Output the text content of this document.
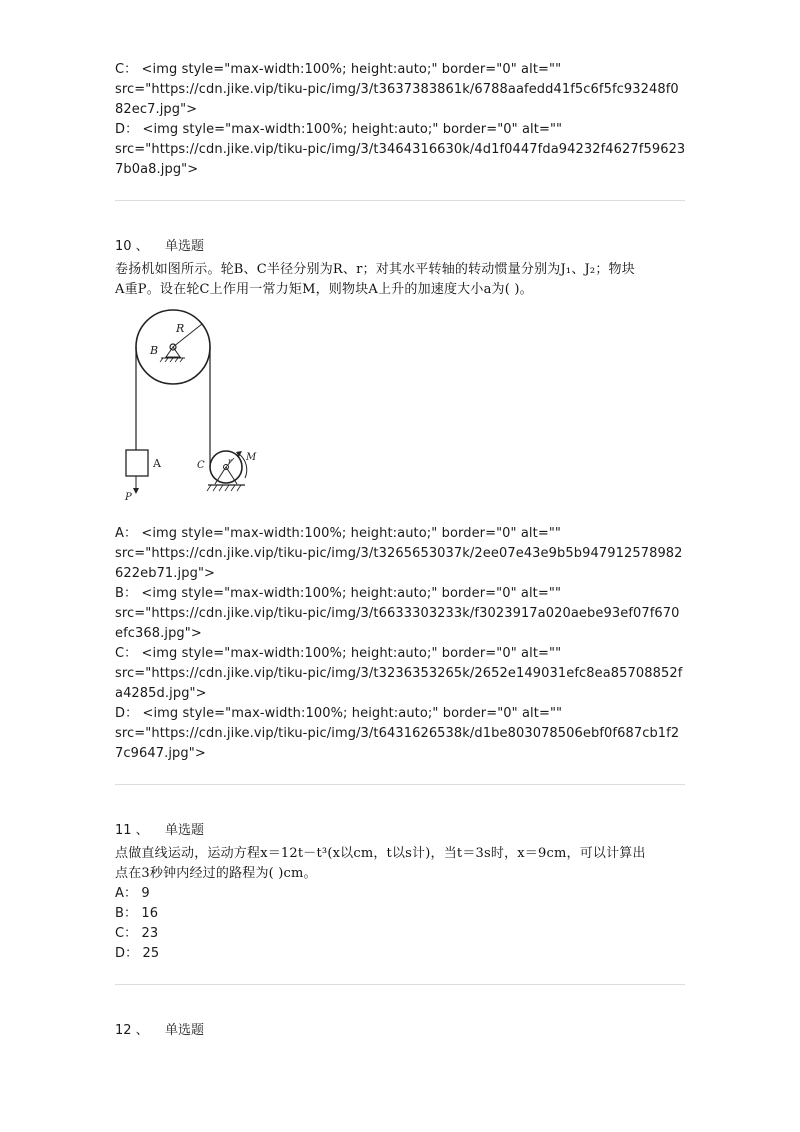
C： <img style="max-width:100%; height:auto;" border="0" alt=""
src="https://cdn.jike.vip/tiku-pic/img/3/t3637383861k/6788aafedd41f5c6f5fc93248f0
82ec7.jpg">
D： <img style="max-width:100%; height:auto;" border="0" alt=""
src="https://cdn.jike.vip/tiku-pic/img/3/t3464316630k/4d1f0447fda94232f4627f59623
7b0a8.jpg">
10 、 单选题
卷扬机如图所示。轮B、C半径分别为R、r；对其水平转轴的转动惯量分别为J₁、J₂；物块
A重P。设在轮C上作用一常力矩M，则物块A上升的加速度大小a为( )。
R
B
A
P
r
C
M
A： <img style="max-width:100%; height:auto;" border="0" alt=""
src="https://cdn.jike.vip/tiku-pic/img/3/t3265653037k/2ee07e43e9b5b947912578982
622eb71.jpg">
B： <img style="max-width:100%; height:auto;" border="0" alt=""
src="https://cdn.jike.vip/tiku-pic/img/3/t6633303233k/f3023917a020aebe93ef07f670
efc368.jpg">
C： <img style="max-width:100%; height:auto;" border="0" alt=""
src="https://cdn.jike.vip/tiku-pic/img/3/t3236353265k/2652e149031efc8ea85708852f
a4285d.jpg">
D： <img style="max-width:100%; height:auto;" border="0" alt=""
src="https://cdn.jike.vip/tiku-pic/img/3/t6431626538k/d1be803078506ebf0f687cb1f2
7c9647.jpg">
11 、 单选题
点做直线运动，运动方程x＝12t－t³(x以cm，t以s计)，当t＝3s时，x＝9cm，可以计算出
点在3秒钟内经过的路程为( )cm。
A： 9
B： 16
C： 23
D： 25
12 、 单选题
